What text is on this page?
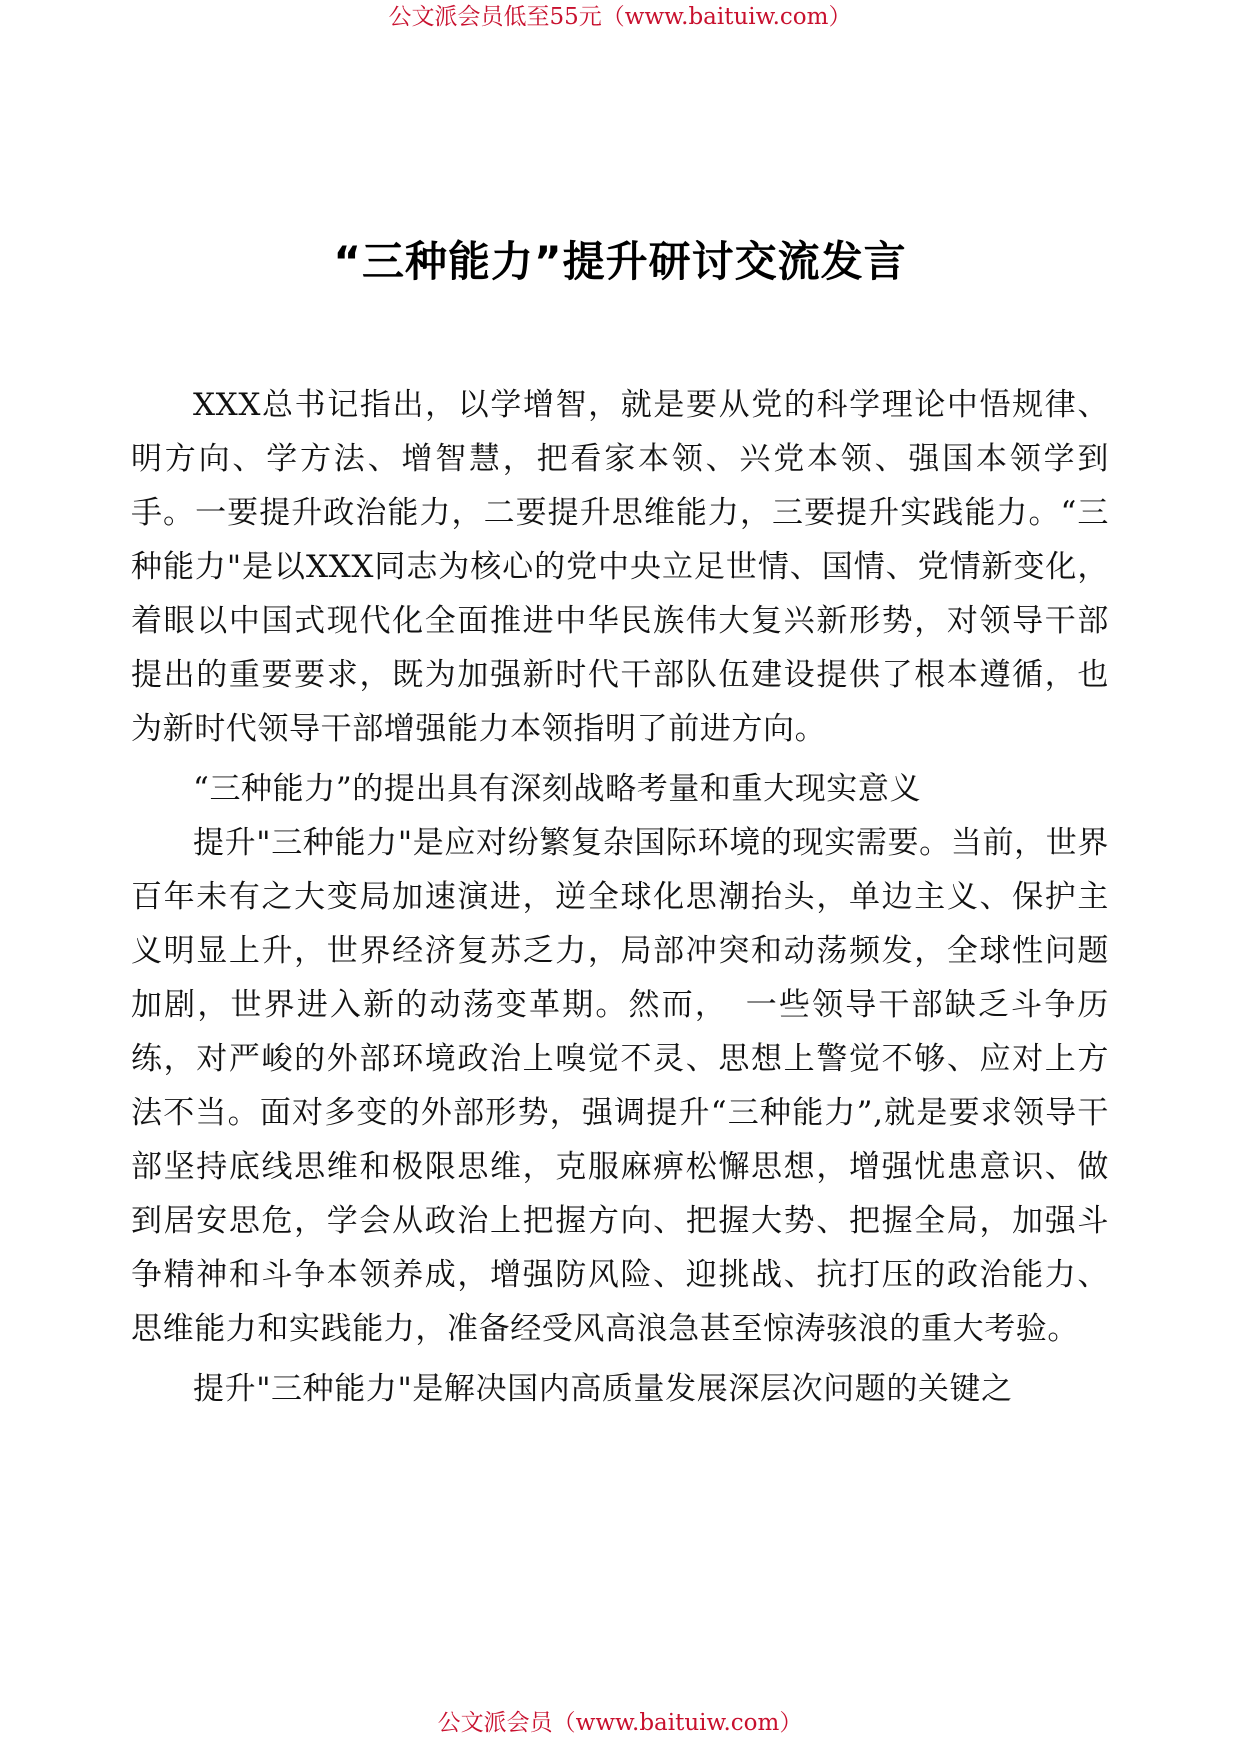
公文派会员低至55元（www.baituiw.com）
“三种能力”提升研讨交流发言

XXX总书记指出，以学增智，就是要从党的科学理论中悟规律、明方向、学方法、增智慧，把看家本领、兴党本领、强国本领学到手。一要提升政治能力，二要提升思维能力，三要提升实践能力。“三种能力"是以XXX同志为核心的党中央立足世情、国情、党情新变化，着眼以中国式现代化全面推进中华民族伟大复兴新形势，对领导干部提出的重要要求，既为加强新时代干部队伍建设提供了根本遵循，也为新时代领导干部增强能力本领指明了前进方向。

“三种能力”的提出具有深刻战略考量和重大现实意义

提升"三种能力"是应对纷繁复杂国际环境的现实需要。当前，世界百年未有之大变局加速演进，逆全球化思潮抬头，单边主义、保护主义明显上升，世界经济复苏乏力，局部冲突和动荡频发，全球性问题加剧，世界进入新的动荡变革期。然而，　一些领导干部缺乏斗争历练，对严峻的外部环境政治上嗅觉不灵、思想上警觉不够、应对上方法不当。面对多变的外部形势，强调提升“三种能力”,就是要求领导干部坚持底线思维和极限思维，克服麻痹松懈思想，增强忧患意识、做到居安思危，学会从政治上把握方向、把握大势、把握全局，加强斗争精神和斗争本领养成，增强防风险、迎挑战、抗打压的政治能力、思维能力和实践能力，准备经受风高浪急甚至惊涛骇浪的重大考验。

提升"三种能力"是解决国内高质量发展深层次问题的关键之

公文派会员（www.baituiw.com）
